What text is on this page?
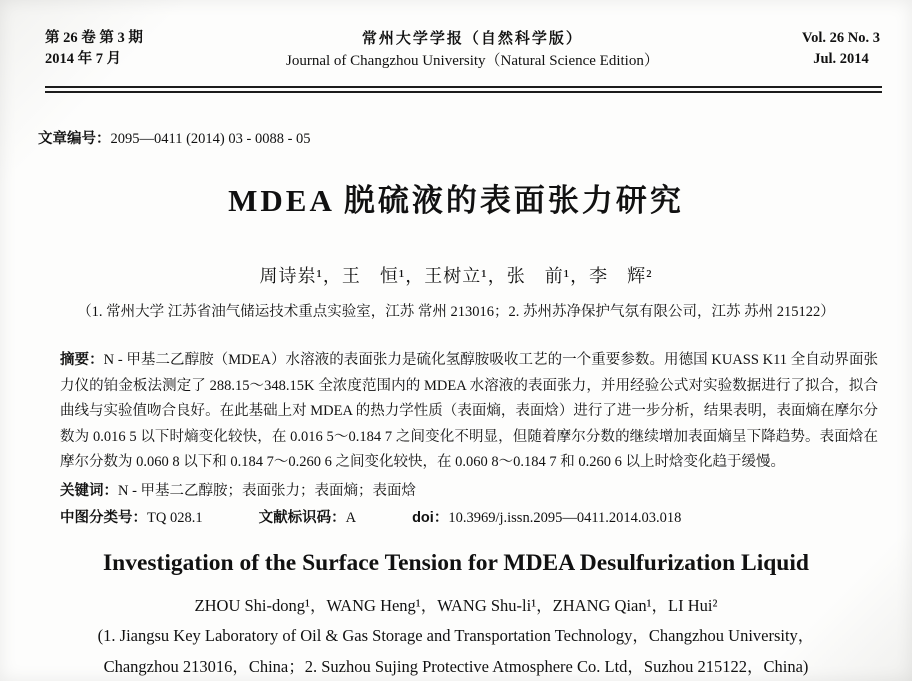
第 26 卷 第 3 期
2014 年 7 月
常州大学学报（自然科学版）
Journal of Changzhou University（Natural Science Edition）
Vol. 26 No. 3
Jul. 2014
文章编号：2095—0411 (2014) 03 - 0088 - 05
MDEA 脱硫液的表面张力研究
周诗岽¹，王　恒¹，王树立¹，张　前¹，李　辉²
（1. 常州大学 江苏省油气储运技术重点实验室，江苏 常州 213016；2. 苏州苏净保护气氛有限公司，江苏 苏州 215122）
摘要：N - 甲基二乙醇胺（MDEA）水溶液的表面张力是硫化氢醇胺吸收工艺的一个重要参数。用德国 KUASS K11 全自动界面张力仪的铂金板法测定了 288.15～348.15K 全浓度范围内的 MDEA 水溶液的表面张力，并用经验公式对实验数据进行了拟合，拟合曲线与实验值吻合良好。在此基础上对 MDEA 的热力学性质（表面熵，表面焓）进行了进一步分析，结果表明，表面熵在摩尔分数为 0.016 5 以下时熵变化较快，在 0.016 5～0.184 7 之间变化不明显，但随着摩尔分数的继续增加表面熵呈下降趋势。表面焓在摩尔分数为 0.060 8 以下和 0.184 7～0.260 6 之间变化较快，在 0.060 8～0.184 7 和 0.260 6 以上时焓变化趋于缓慢。
关键词：N - 甲基二乙醇胺；表面张力；表面熵；表面焓
中图分类号：TQ 028.1	文献标识码：A	doi：10.3969/j.issn.2095—0411.2014.03.018
Investigation of the Surface Tension for MDEA Desulfurization Liquid
ZHOU Shi-dong¹，WANG Heng¹，WANG Shu-li¹，ZHANG Qian¹，LI Hui²
(1. Jiangsu Key Laboratory of Oil & Gas Storage and Transportation Technology，Changzhou University，
Changzhou 213016，China；2. Suzhou Sujing Protective Atmosphere Co. Ltd，Suzhou 215122，China)
